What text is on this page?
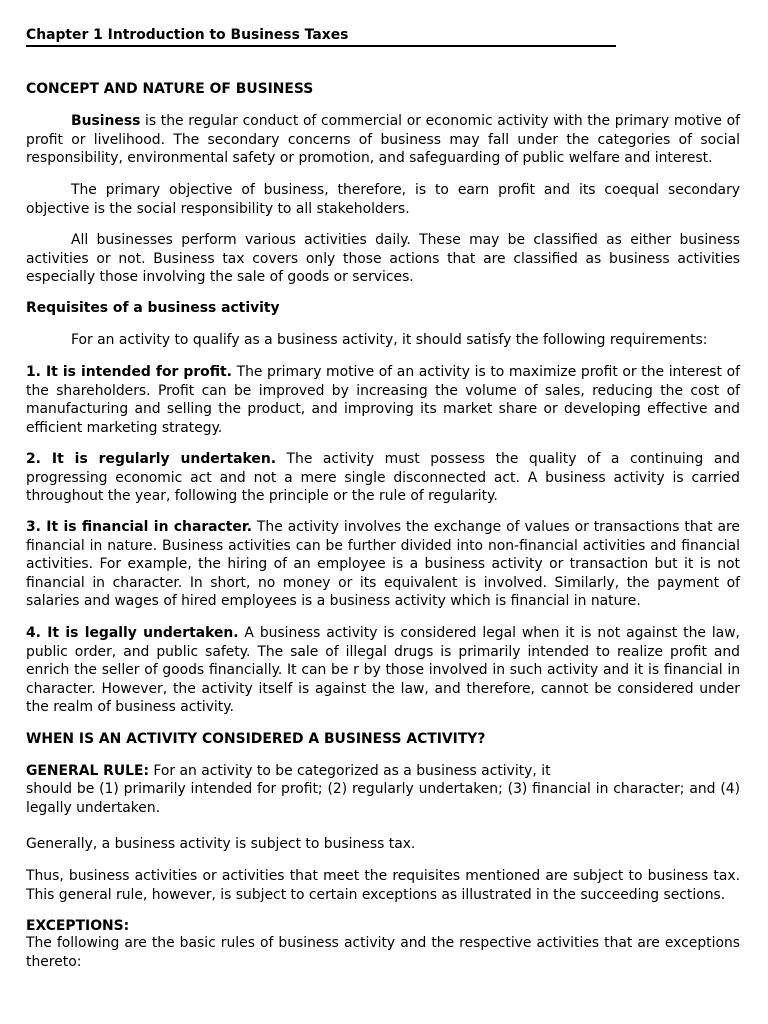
Chapter 1 Introduction to Business Taxes
CONCEPT AND NATURE OF BUSINESS

Business is the regular conduct of commercial or economic activity with the primary motive of profit or livelihood. The secondary concerns of business may fall under the categories of social responsibility, environmental safety or promotion, and safeguarding of public welfare and interest.

The primary objective of business, therefore, is to earn profit and its coequal secondary objective is the social responsibility to all stakeholders.

All businesses perform various activities daily. These may be classified as either business activities or not. Business tax covers only those actions that are classified as business activities especially those involving the sale of goods or services.

Requisites of a business activity

For an activity to qualify as a business activity, it should satisfy the following requirements:

1. It is intended for profit. The primary motive of an activity is to maximize profit or the interest of the shareholders. Profit can be improved by increasing the volume of sales, reducing the cost of manufacturing and selling the product, and improving its market share or developing effective and efficient marketing strategy.

2. It is regularly undertaken. The activity must possess the quality of a continuing and progressing economic act and not a mere single disconnected act. A business activity is carried throughout the year, following the principle or the rule of regularity.

3. It is financial in character. The activity involves the exchange of values or transactions that are financial in nature. Business activities can be further divided into non-financial activities and financial activities. For example, the hiring of an employee is a business activity or transaction but it is not financial in character. In short, no money or its equivalent is involved. Similarly, the payment of salaries and wages of hired employees is a business activity which is financial in nature.

4. It is legally undertaken. A business activity is considered legal when it is not against the law, public order, and public safety. The sale of illegal drugs is primarily intended to realize profit and enrich the seller of goods financially. It can be r by those involved in such activity and it is financial in character. However, the activity itself is against the law, and therefore, cannot be considered under the realm of business activity.

WHEN IS AN ACTIVITY CONSIDERED A BUSINESS ACTIVITY?
GENERAL RULE: For an activity to be categorized as a business activity, it

should be (1) primarily intended for profit; (2) regularly undertaken; (3) financial in character; and (4) legally undertaken.

Generally, a business activity is subject to business tax.

Thus, business activities or activities that meet the requisites mentioned are subject to business tax. This general rule, however, is subject to certain exceptions as illustrated in the succeeding sections.

EXCEPTIONS:

The following are the basic rules of business activity and the respective activities that are exceptions thereto:
